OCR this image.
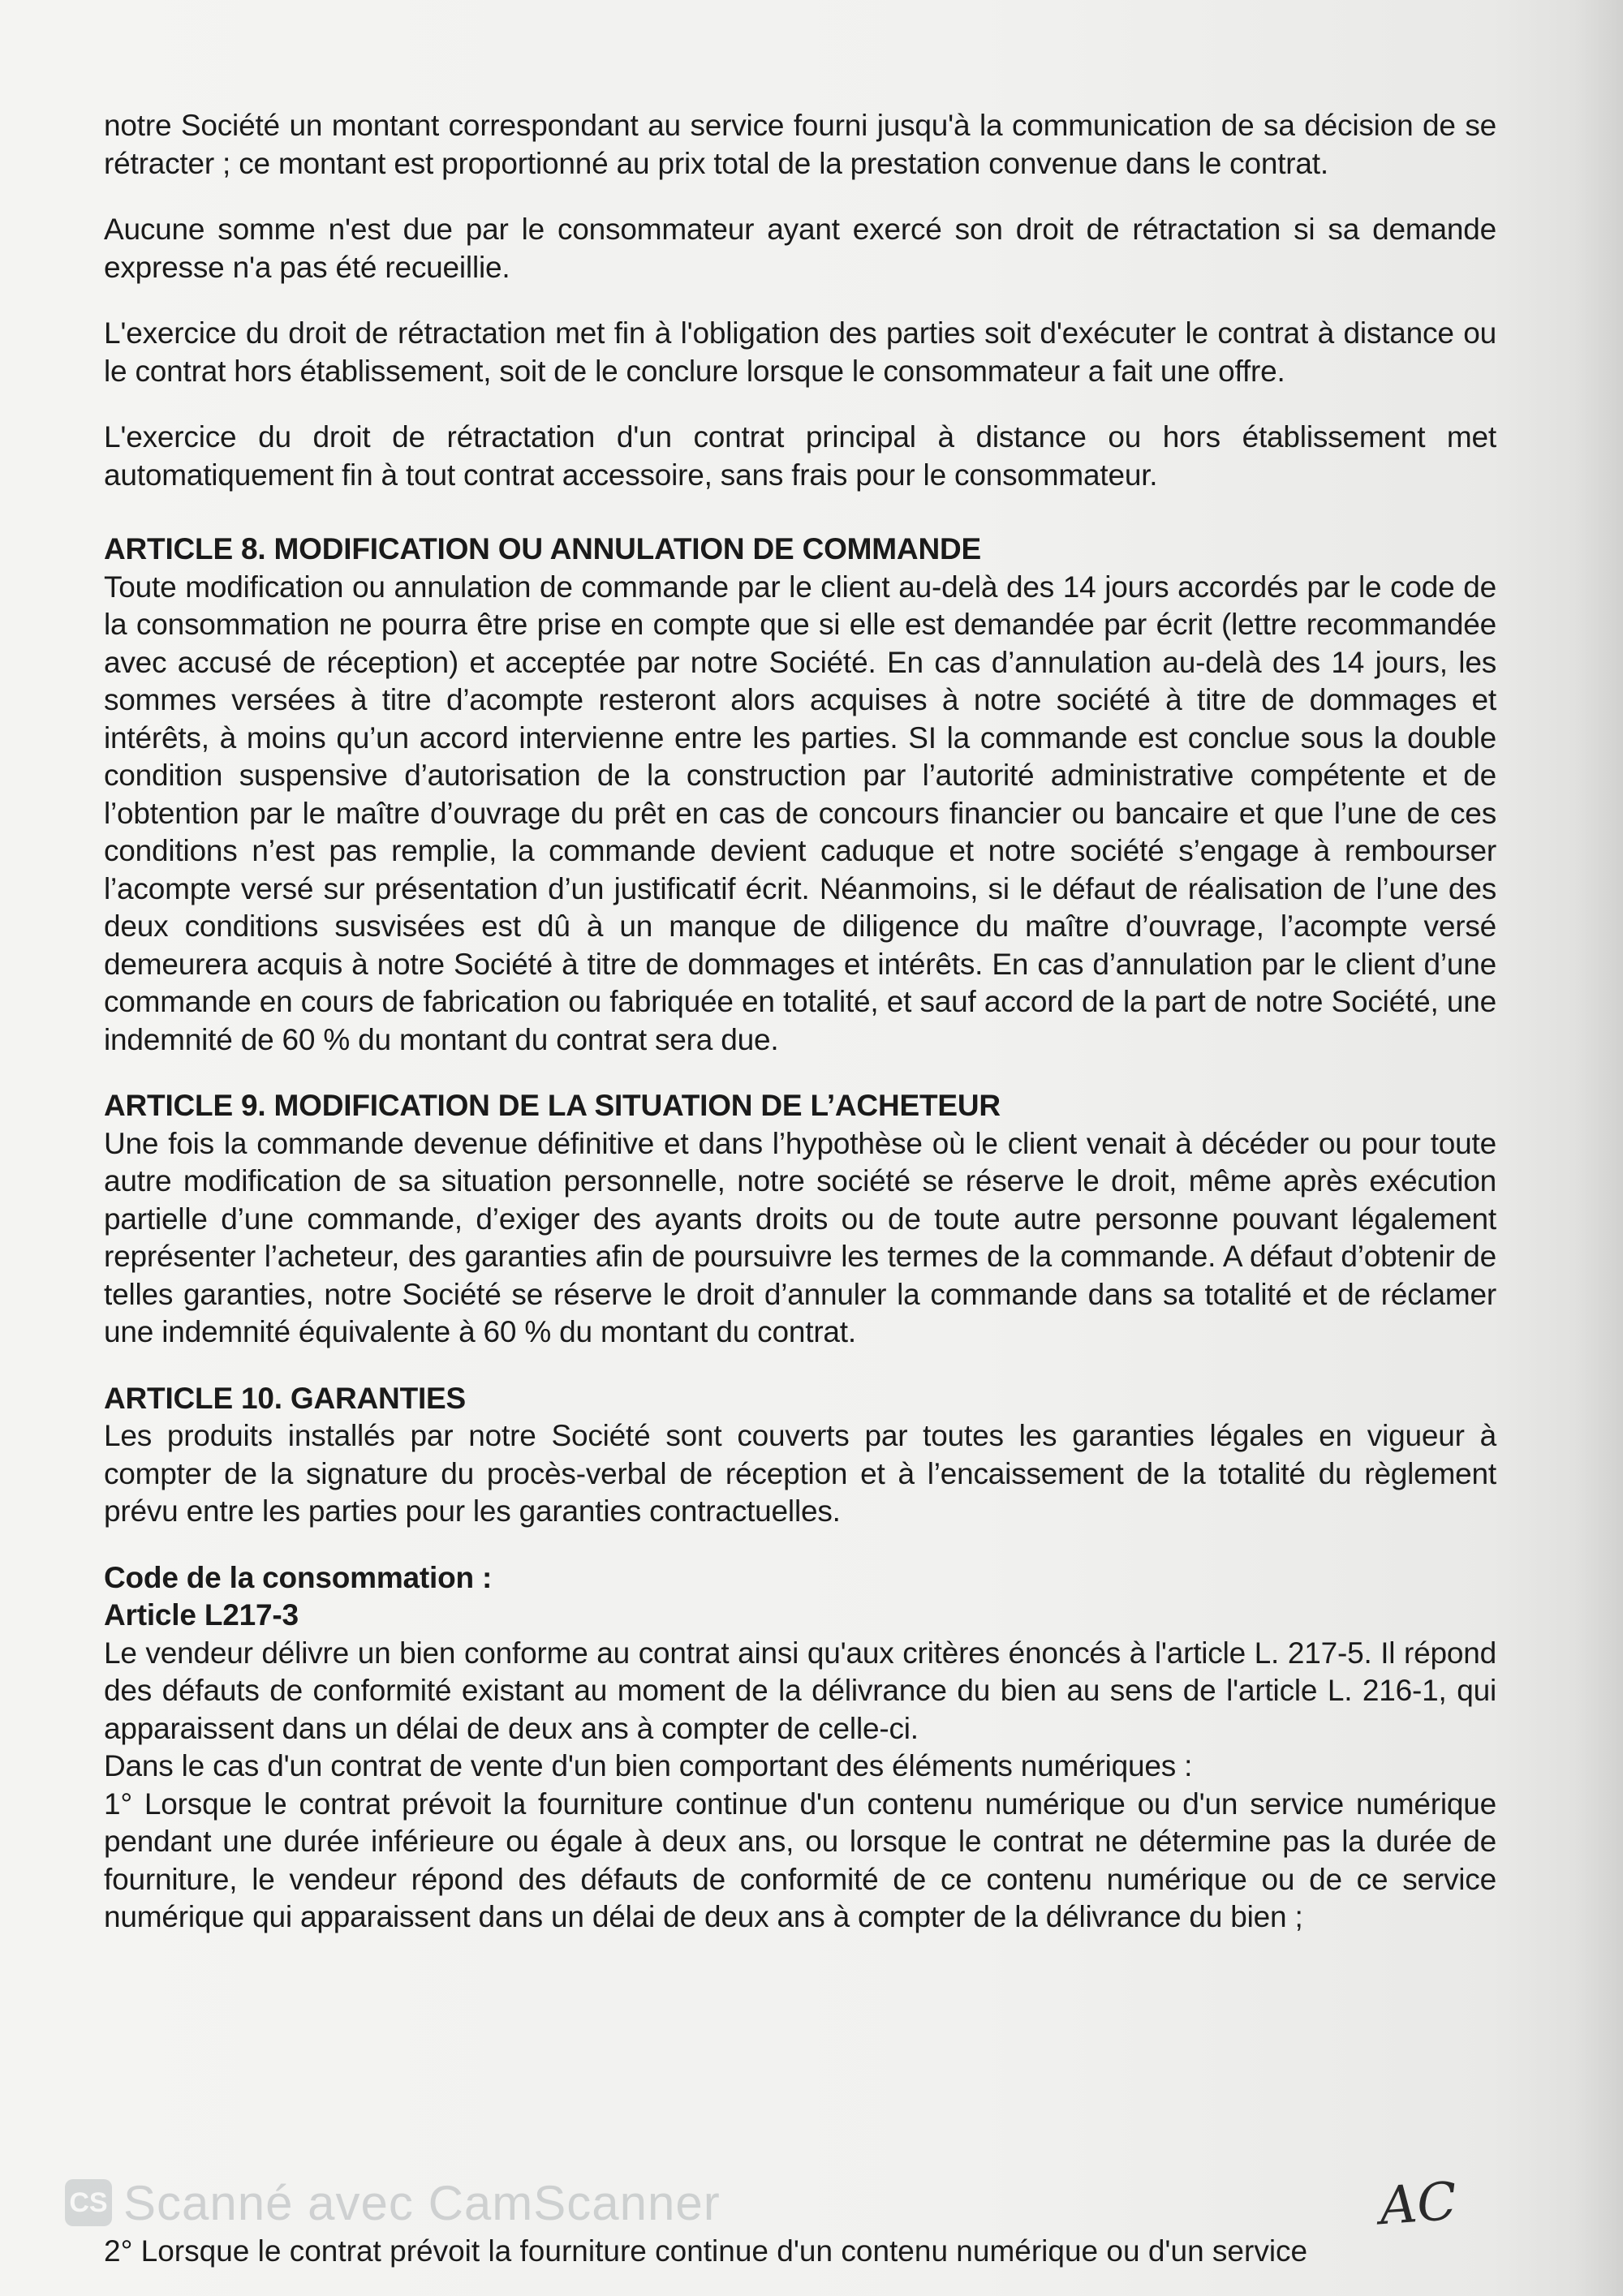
notre Société un montant correspondant au service fourni jusqu'à la communication de sa décision de se rétracter ; ce montant est proportionné au prix total de la prestation convenue dans le contrat.

Aucune somme n'est due par le consommateur ayant exercé son droit de rétractation si sa demande expresse n'a pas été recueillie.

L'exercice du droit de rétractation met fin à l'obligation des parties soit d'exécuter le contrat à distance ou le contrat hors établissement, soit de le conclure lorsque le consommateur a fait une offre.

L'exercice du droit de rétractation d'un contrat principal à distance ou hors établissement met automatiquement fin à tout contrat accessoire, sans frais pour le consommateur.

ARTICLE 8. MODIFICATION OU ANNULATION DE COMMANDE

Toute modification ou annulation de commande par le client au-delà des 14 jours accordés par le code de la consommation ne pourra être prise en compte que si elle est demandée par écrit (lettre recommandée avec accusé de réception) et acceptée par notre Société. En cas d’annulation au-delà des 14 jours, les sommes versées à titre d’acompte resteront alors acquises à notre société à titre de dommages et intérêts, à moins qu’un accord intervienne entre les parties. SI la commande est conclue sous la double condition suspensive d’autorisation de la construction par l’autorité administrative compétente et de l’obtention par le maître d’ouvrage du prêt en cas de concours financier ou bancaire et que l’une de ces conditions n’est pas remplie, la commande devient caduque et notre société s’engage à rembourser l’acompte versé sur présentation d’un justificatif écrit. Néanmoins, si le défaut de réalisation de l’une des deux conditions susvisées est dû à un manque de diligence du maître d’ouvrage, l’acompte versé demeurera acquis à notre Société à titre de dommages et intérêts. En cas d’annulation par le client d’une commande en cours de fabrication ou fabriquée en totalité, et sauf accord de la part de notre Société, une indemnité de 60 % du montant du contrat sera due.

ARTICLE 9. MODIFICATION DE LA SITUATION DE L’ACHETEUR

Une fois la commande devenue définitive et dans l’hypothèse où le client venait à décéder ou pour toute autre modification de sa situation personnelle, notre société se réserve le droit, même après exécution partielle d’une commande, d’exiger des ayants droits ou de toute autre personne pouvant légalement représenter l’acheteur, des garanties afin de poursuivre les termes de la commande. A défaut d’obtenir de telles garanties, notre Société se réserve le droit d’annuler la commande dans sa totalité et de réclamer une indemnité équivalente à 60 % du montant du contrat.

ARTICLE 10. GARANTIES

Les produits installés par notre Société sont couverts par toutes les garanties légales en vigueur à compter de la signature du procès-verbal de réception et à l’encaissement de la totalité du règlement prévu entre les parties pour les garanties contractuelles.

Code de la consommation :

Article L217-3

Le vendeur délivre un bien conforme au contrat ainsi qu'aux critères énoncés à l'article L. 217-5. Il répond des défauts de conformité existant au moment de la délivrance du bien au sens de l'article L. 216-1, qui apparaissent dans un délai de deux ans à compter de celle-ci.

Dans le cas d'un contrat de vente d'un bien comportant des éléments numériques :

1° Lorsque le contrat prévoit la fourniture continue d'un contenu numérique ou d'un service numérique pendant une durée inférieure ou égale à deux ans, ou lorsque le contrat ne détermine pas la durée de fourniture, le vendeur répond des défauts de conformité de ce contenu numérique ou de ce service numérique qui apparaissent dans un délai de deux ans à compter de la délivrance du bien ;

2° Lorsque le contrat prévoit la fourniture continue d'un contenu numérique ou d'un service
CS Scanné avec CamScanner	AC
